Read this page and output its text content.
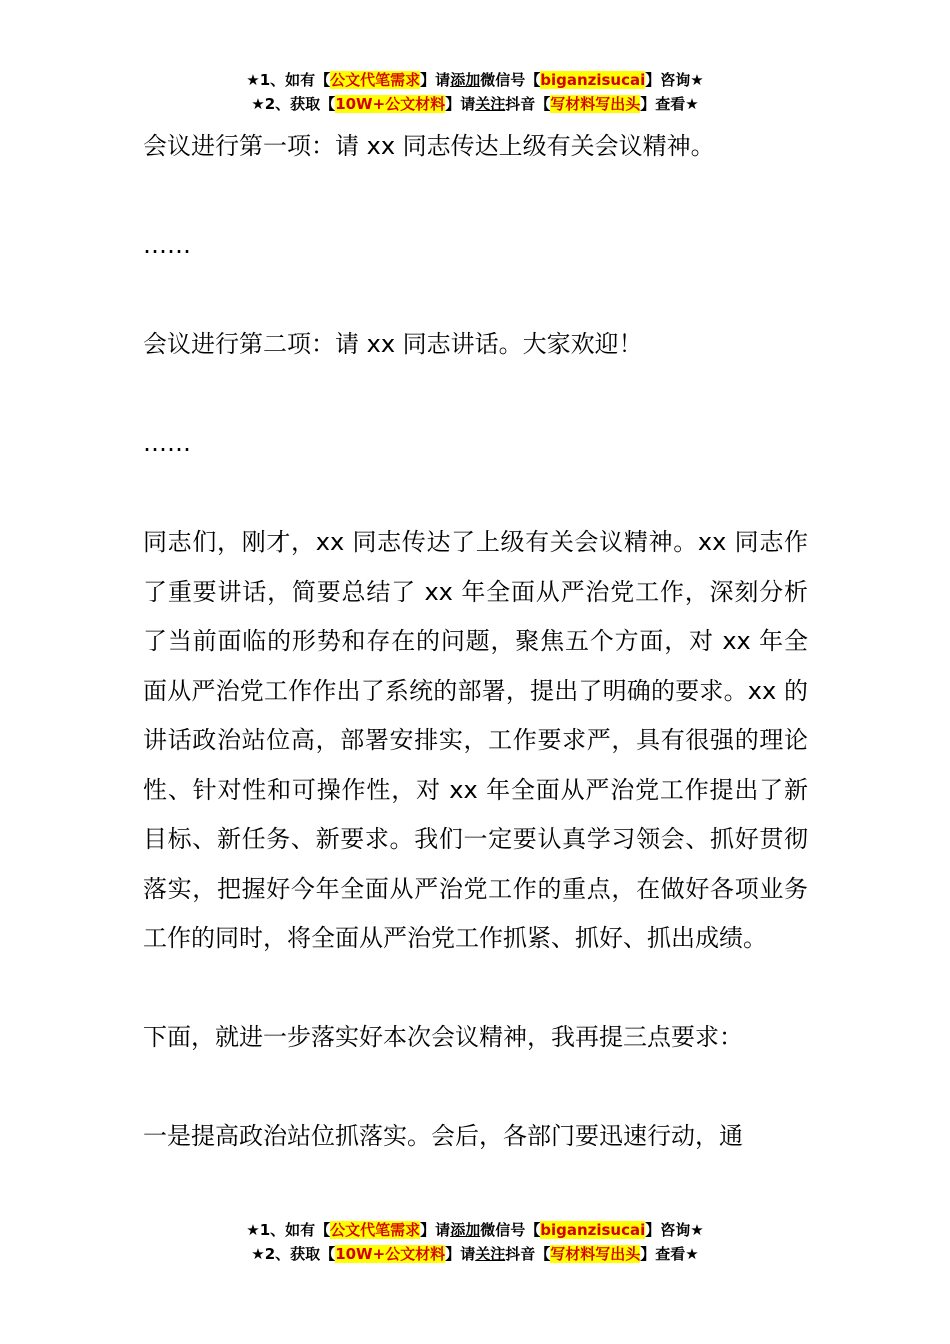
★1、如有【公文代笔需求】请添加微信号【biganzisucai】咨询★
★2、获取【10W+公文材料】请关注抖音【写材料写出头】查看★

会议进行第一项：请 xx 同志传达上级有关会议精神。

……

会议进行第二项：请 xx 同志讲话。大家欢迎！

……

同志们，刚才，xx 同志传达了上级有关会议精神。xx 同志作了重要讲话，简要总结了 xx 年全面从严治党工作，深刻分析了当前面临的形势和存在的问题，聚焦五个方面，对 xx 年全面从严治党工作作出了系统的部署，提出了明确的要求。xx 的讲话政治站位高，部署安排实，工作要求严，具有很强的理论性、针对性和可操作性，对 xx 年全面从严治党工作提出了新目标、新任务、新要求。我们一定要认真学习领会、抓好贯彻落实，把握好今年全面从严治党工作的重点，在做好各项业务工作的同时，将全面从严治党工作抓紧、抓好、抓出成绩。

下面，就进一步落实好本次会议精神，我再提三点要求：

一是提高政治站位抓落实。会后，各部门要迅速行动，通

★1、如有【公文代笔需求】请添加微信号【biganzisucai】咨询★
★2、获取【10W+公文材料】请关注抖音【写材料写出头】查看★
